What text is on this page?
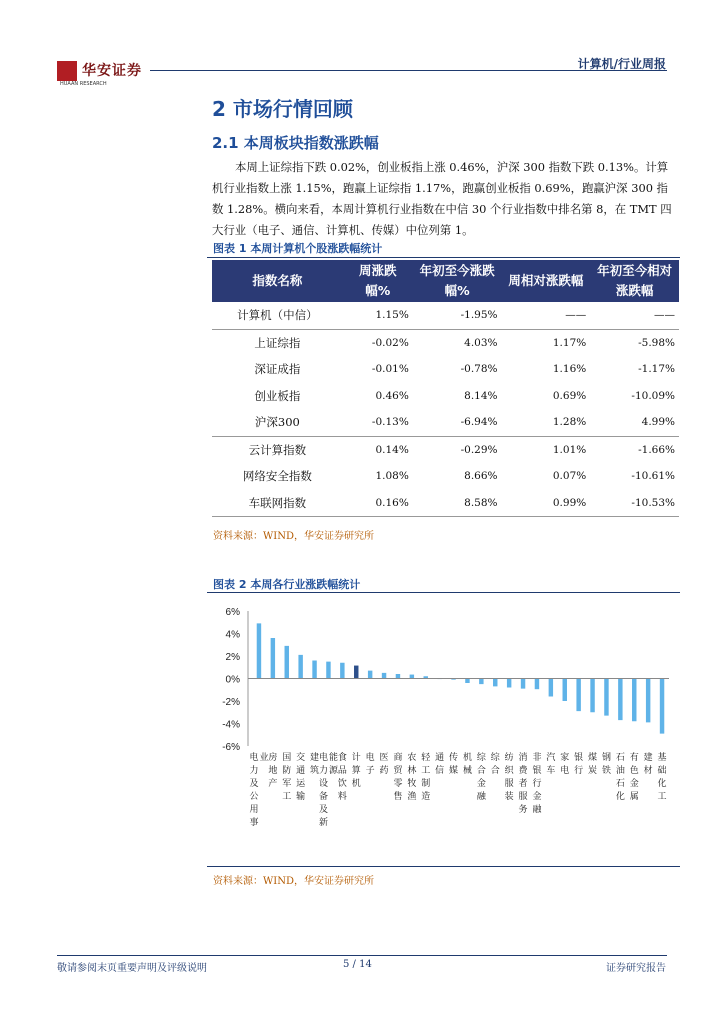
华安证券
HUAAN RESEARCH
计算机/行业周报
2 市场行情回顾
2.1 本周板块指数涨跌幅
本周上证综指下跌 0.02%，创业板指上涨 0.46%，沪深 300 指数下跌 0.13%。计算机行业指数上涨 1.15%，跑赢上证综指 1.17%，跑赢创业板指 0.69%，跑赢沪深 300 指数 1.28%。横向来看，本周计算机行业指数在中信 30 个行业指数中排名第 8，在 TMT 四大行业（电子、通信、计算机、传媒）中位列第 1。
图表 1 本周计算机个股涨跌幅统计
指数名称	周涨跌幅%	年初至今涨跌幅%	周相对涨跌幅	年初至今相对涨跌幅
计算机（中信）	1.15%	-1.95%	——	——
上证综指	-0.02%	4.03%	1.17%	-5.98%
深证成指	-0.01%	-0.78%	1.16%	-1.17%
创业板指	0.46%	8.14%	0.69%	-10.09%
沪深300	-0.13%	-6.94%	1.28%	4.99%
云计算指数	0.14%	-0.29%	1.01%	-1.66%
网络安全指数	1.08%	8.66%	0.07%	-10.61%
车联网指数	0.16%	8.58%	0.99%	-10.53%
资料来源：WIND，华安证券研究所
图表 2 本周各行业涨跌幅统计
6%
4%
2%
0%
-2%
-4%
-6%
电力及公用事
业 房地产
国防军工
交通运输
建筑
电力设备及新
能源
食品饮料
计算机
电子
医药
商贸零售
农林牧渔
轻工制造
通信
传媒
机械
综合金融
综合
纺织服装
消费者服务
非银行金融
汽车
家电
银行
煤炭
钢铁
石油石化
有色金属
建材
基础化工
资料来源：WIND，华安证券研究所
敬请参阅末页重要声明及评级说明	5 / 14	证券研究报告
